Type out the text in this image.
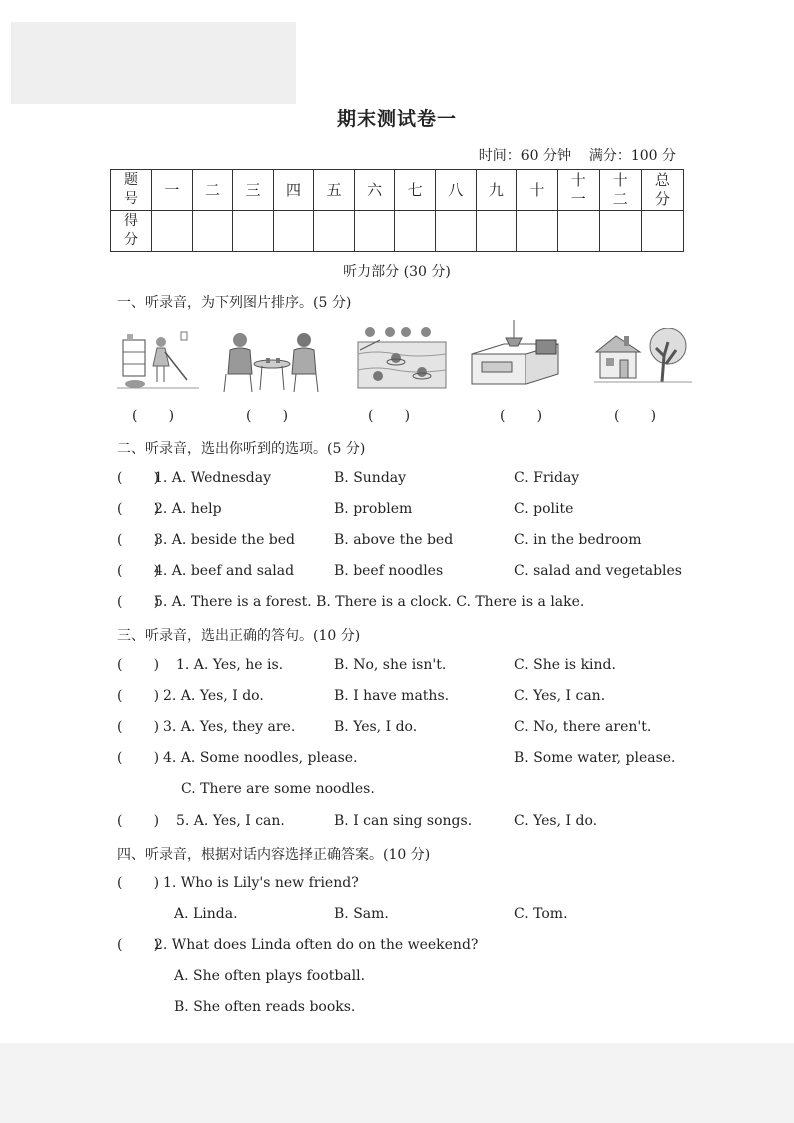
期末测试卷一
时间：60 分钟    满分：100 分
题号	一	二	三	四	五	六	七	八	九	十	十一	十二	总分
得分													
听力部分 (30 分)
一、听录音，为下列图片排序。(5 分)
(       )	(       )	(       )	(       )	(       )
二、听录音，选出你听到的选项。(5 分)
(       )
1. A. Wednesday	B. Sunday	C. Friday
(       )
2. A. help	B. problem	C. polite
(       )
3. A. beside the bed	B. above the bed	C. in the bedroom
(       )
4. A. beef and salad	B. beef noodles	C. salad and vegetables
(       )
5. A. There is a forest. B. There is a clock. C. There is a lake.
三、听录音，选出正确的答句。(10 分)
(       ) 1. A. Yes, he is.	B. No, she isn't.	C. She is kind.
(       ) 2. A. Yes, I do.	B. I have maths.	C. Yes, I can.
(       ) 3. A. Yes, they are.	B. Yes, I do.	C. No, there aren't.
(       ) 4. A. Some noodles, please.	B. Some water, please.
C. There are some noodles.
(       ) 5. A. Yes, I can.	B. I can sing songs.	C. Yes, I do.
四、听录音，根据对话内容选择正确答案。(10 分)
(       ) 1. Who is Lily's new friend?
A. Linda.	B. Sam.	C. Tom.
(       )
2. What does Linda often do on the weekend?
A. She often plays football.
B. She often reads books.
